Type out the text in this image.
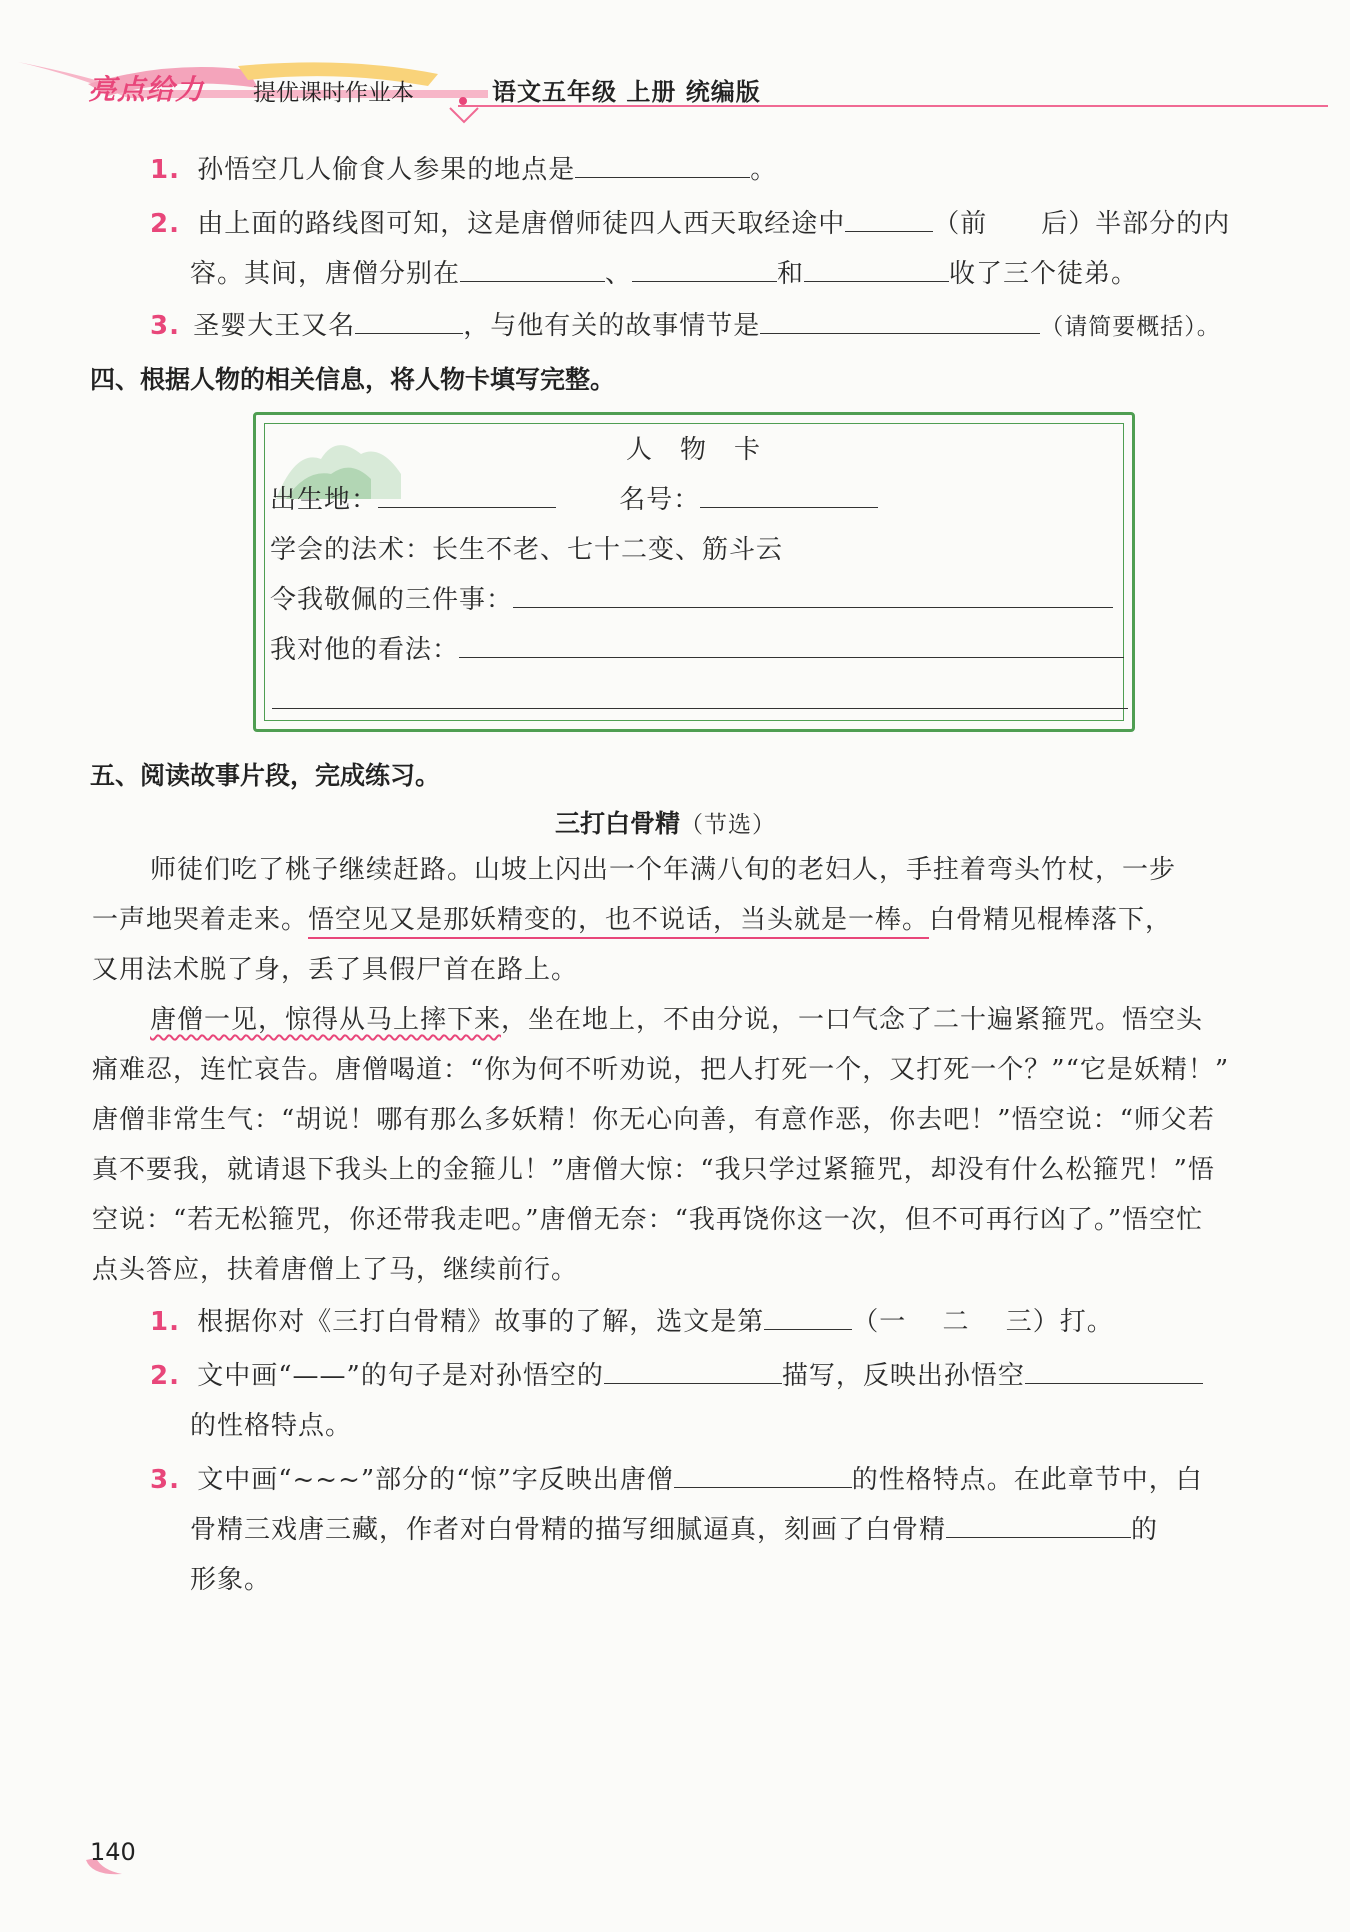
亮点给力 提优课时作业本	语文五年级 上册 统编版
1. 孙悟空几人偷食人参果的地点是	。
2. 由上面的路线图可知，这是唐僧师徒四人西天取经途中	（前　　后）半部分的内
容。其间，唐僧分别在	、	和	收了三个徒弟。
3. 圣婴大王又名	，与他有关的故事情节是	（请简要概括）。
四、根据人物的相关信息，将人物卡填写完整。
人　物　卡
出生地：	名号：
学会的法术：长生不老、七十二变、筋斗云
令我敬佩的三件事：
我对他的看法：
五、阅读故事片段，完成练习。
三打白骨精（节选）
师徒们吃了桃子继续赶路。山坡上闪出一个年满八旬的老妇人，手拄着弯头竹杖，一步
一声地哭着走来。悟空见又是那妖精变的，也不说话，当头就是一棒。白骨精见棍棒落下，
又用法术脱了身，丢了具假尸首在路上。
唐僧一见，惊得从马上摔下来，坐在地上，不由分说，一口气念了二十遍紧箍咒。悟空头
痛难忍，连忙哀告。唐僧喝道：“你为何不听劝说，把人打死一个，又打死一个？”“它是妖精！”
唐僧非常生气：“胡说！哪有那么多妖精！你无心向善，有意作恶，你去吧！”悟空说：“师父若
真不要我，就请退下我头上的金箍儿！”唐僧大惊：“我只学过紧箍咒，却没有什么松箍咒！”悟
空说：“若无松箍咒，你还带我走吧。”唐僧无奈：“我再饶你这一次，但不可再行凶了。”悟空忙
点头答应，扶着唐僧上了马，继续前行。
1. 根据你对《三打白骨精》故事的了解，选文是第	（一　 二　 三）打。
2. 文中画“——”的句子是对孙悟空的	描写，反映出孙悟空
的性格特点。
3. 文中画“~~~”部分的“惊”字反映出唐僧	的性格特点。在此章节中，白
骨精三戏唐三藏，作者对白骨精的描写细腻逼真，刻画了白骨精	的
形象。
140
